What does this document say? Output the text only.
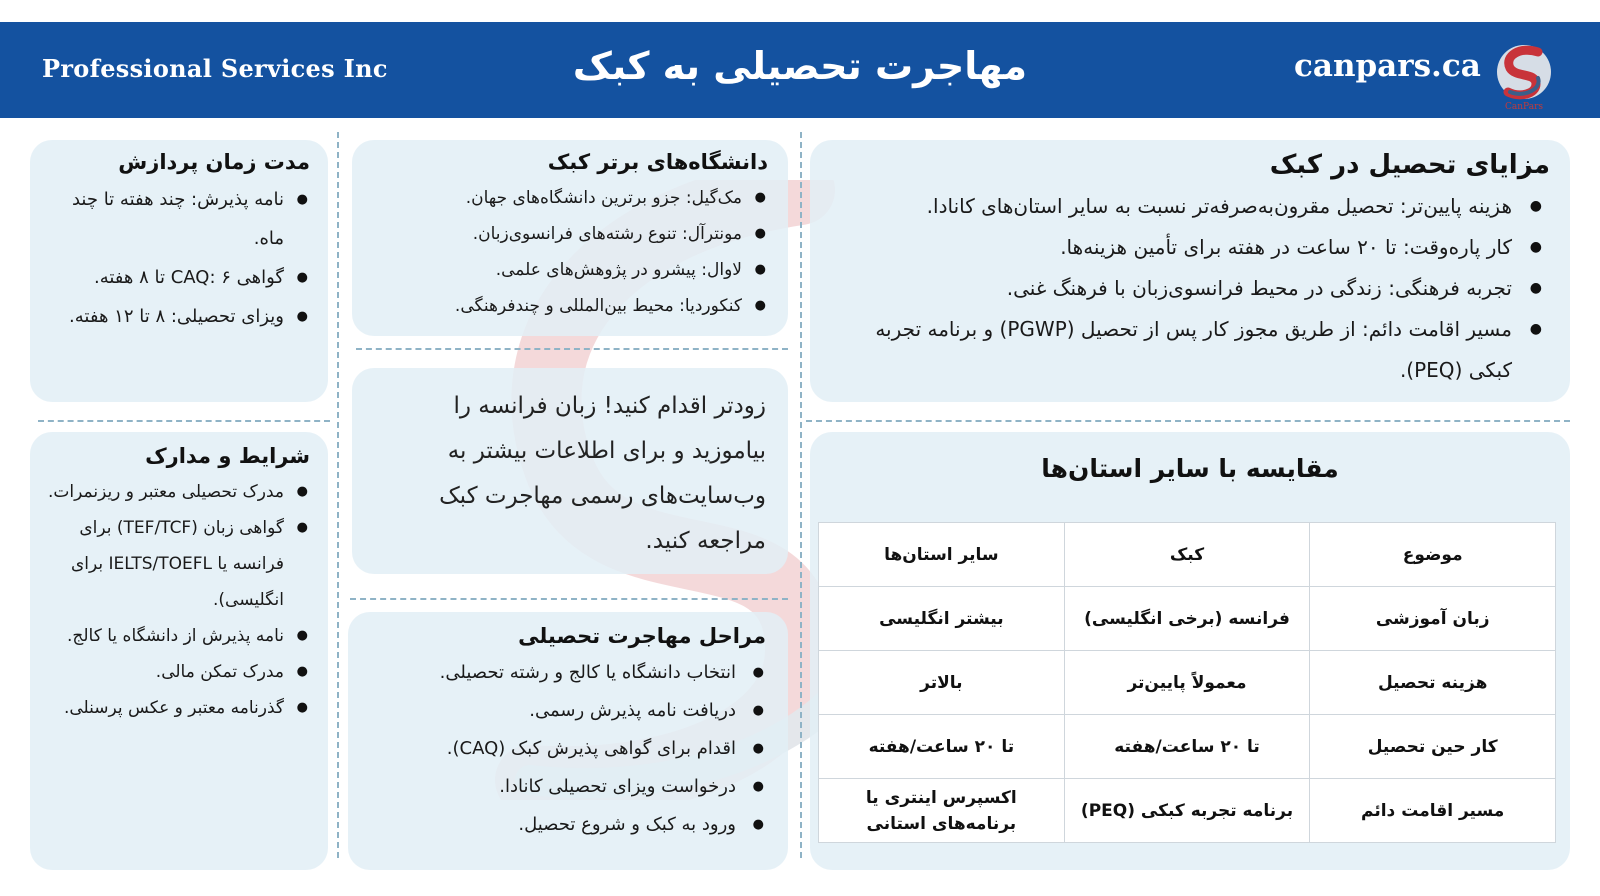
Professional Services Inc	مهاجرت تحصیلی به کبک	canpars.ca
CanPars
مزایای تحصیل در کبک
● هزینه پایین‌تر: تحصیل مقرون‌به‌صرفه‌تر نسبت به سایر استان‌های کانادا.
● کار پاره‌وقت: تا ۲۰ ساعت در هفته برای تأمین هزینه‌ها.
● تجربه فرهنگی: زندگی در محیط فرانسوی‌زبان با فرهنگ غنی.
● مسیر اقامت دائم: از طریق مجوز کار پس از تحصیل (PGWP) و برنامه تجربه کبکی (PEQ).
مقایسه با سایر استان‌ها
موضوع	کبک	سایر استان‌ها
زبان آموزشی	فرانسه (برخی انگلیسی)	بیشتر انگلیسی
هزینه تحصیل	معمولاً پایین‌تر	بالاتر
کار حین تحصیل	تا ۲۰ ساعت/هفته	تا ۲۰ ساعت/هفته
مسیر اقامت دائم	برنامه تجربه کبکی (PEQ)	اکسپرس اینتری یا برنامه‌های استانی
دانشگاه‌های برتر کبک
● مک‌گیل: جزو برترین دانشگاه‌های جهان.
● مونترآل: تنوع رشته‌های فرانسوی‌زبان.
● لاوال: پیشرو در پژوهش‌های علمی.
● کنکوردیا: محیط بین‌المللی و چندفرهنگی.

زودتر اقدام کنید! زبان فرانسه را بیاموزید و برای اطلاعات بیشتر به وب‌سایت‌های رسمی مهاجرت کبک مراجعه کنید.

مراحل مهاجرت تحصیلی
● انتخاب دانشگاه یا کالج و رشته تحصیلی.
● دریافت نامه پذیرش رسمی.
● اقدام برای گواهی پذیرش کبک (CAQ).
● درخواست ویزای تحصیلی کانادا.
● ورود به کبک و شروع تحصیل.
مدت زمان پردازش
● نامه پذیرش: چند هفته تا چند ماه.
● گواهی CAQ: ۶ تا ۸ هفته.
● ویزای تحصیلی: ۸ تا ۱۲ هفته.
شرایط و مدارک
● مدرک تحصیلی معتبر و ریزنمرات.
● گواهی زبان (TEF/TCF) برای فرانسه یا IELTS/TOEFL برای انگلیسی).
● نامه پذیرش از دانشگاه یا کالج.
● مدرک تمکن مالی.
● گذرنامه معتبر و عکس پرسنلی.
